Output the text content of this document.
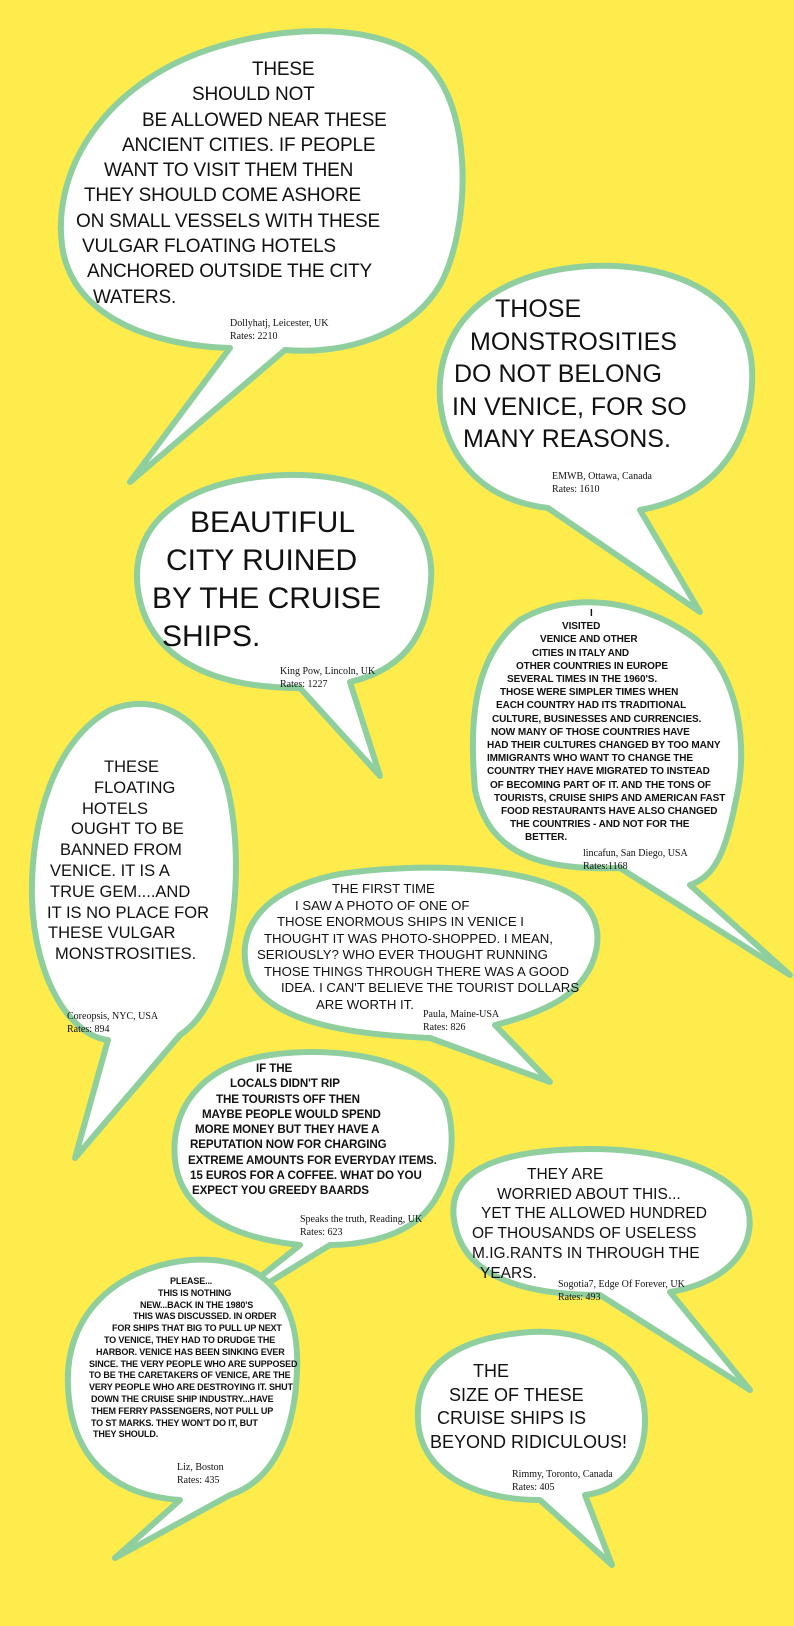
THESE
SHOULD NOT
BE ALLOWED NEAR THESE
ANCIENT CITIES. IF PEOPLE
WANT TO VISIT THEM THEN
THEY SHOULD COME ASHORE
ON SMALL VESSELS WITH THESE
VULGAR FLOATING HOTELS
ANCHORED OUTSIDE THE CITY
WATERS.
Dollyhatj, Leicester, UK
Rates: 2210
THOSE
MONSTROSITIES
DO NOT BELONG
IN VENICE, FOR SO
MANY REASONS.
EMWB, Ottawa, Canada
Rates: 1610
BEAUTIFUL
CITY RUINED
BY THE CRUISE
SHIPS.
King Pow, Lincoln, UK
Rates: 1227
I
VISITED
VENICE AND OTHER
CITIES IN ITALY AND
OTHER COUNTRIES IN EUROPE
SEVERAL TIMES IN THE 1960'S.
THOSE WERE SIMPLER TIMES WHEN
EACH COUNTRY HAD ITS TRADITIONAL
CULTURE, BUSINESSES AND CURRENCIES.
NOW MANY OF THOSE COUNTRIES HAVE
HAD THEIR CULTURES CHANGED BY TOO MANY
IMMIGRANTS WHO WANT TO CHANGE THE
COUNTRY THEY HAVE MIGRATED TO INSTEAD
OF BECOMING PART OF IT. AND THE TONS OF
TOURISTS, CRUISE SHIPS AND AMERICAN FAST
FOOD RESTAURANTS HAVE ALSO CHANGED
THE COUNTRIES - AND NOT FOR THE
BETTER.
lincafun, San Diego, USA
Rates:1168
THESE
FLOATING
HOTELS
OUGHT TO BE
BANNED FROM
VENICE. IT IS A
TRUE GEM....AND
IT IS NO PLACE FOR
THESE VULGAR
MONSTROSITIES.
Coreopsis, NYC, USA
Rates: 894
THE FIRST TIME
I SAW A PHOTO OF ONE OF
THOSE ENORMOUS SHIPS IN VENICE I
THOUGHT IT WAS PHOTO-SHOPPED. I MEAN,
SERIOUSLY? WHO EVER THOUGHT RUNNING
THOSE THINGS THROUGH THERE WAS A GOOD
IDEA. I CAN'T BELIEVE THE TOURIST DOLLARS
ARE WORTH IT.
Paula, Maine-USA
Rates: 826
IF THE
LOCALS DIDN'T RIP
THE TOURISTS OFF THEN
MAYBE PEOPLE WOULD SPEND
MORE MONEY BUT THEY HAVE A
REPUTATION NOW FOR CHARGING
EXTREME AMOUNTS FOR EVERYDAY ITEMS.
15 EUROS FOR A COFFEE. WHAT DO YOU
EXPECT YOU GREEDY BAARDS
Speaks the truth, Reading, UK
Rates: 623
THEY ARE
WORRIED ABOUT THIS...
YET THE ALLOWED HUNDRED
OF THOUSANDS OF USELESS
M.IG.RANTS IN THROUGH THE
YEARS.
Sogotia7, Edge Of Forever, UK
Rates: 493
PLEASE...
THIS IS NOTHING
NEW...BACK IN THE 1980'S
THIS WAS DISCUSSED. IN ORDER
FOR SHIPS THAT BIG TO PULL UP NEXT
TO VENICE, THEY HAD TO DRUDGE THE
HARBOR. VENICE HAS BEEN SINKING EVER
SINCE. THE VERY PEOPLE WHO ARE SUPPOSED
TO BE THE CARETAKERS OF VENICE, ARE THE
VERY PEOPLE WHO ARE DESTROYING IT. SHUT
DOWN THE CRUISE SHIP INDUSTRY...HAVE
THEM FERRY PASSENGERS, NOT PULL UP
TO ST MARKS. THEY WON'T DO IT, BUT
THEY SHOULD.
Liz, Boston
Rates: 435
THE
SIZE OF THESE
CRUISE SHIPS IS
BEYOND RIDICULOUS!
Rimmy, Toronto, Canada
Rates: 405
